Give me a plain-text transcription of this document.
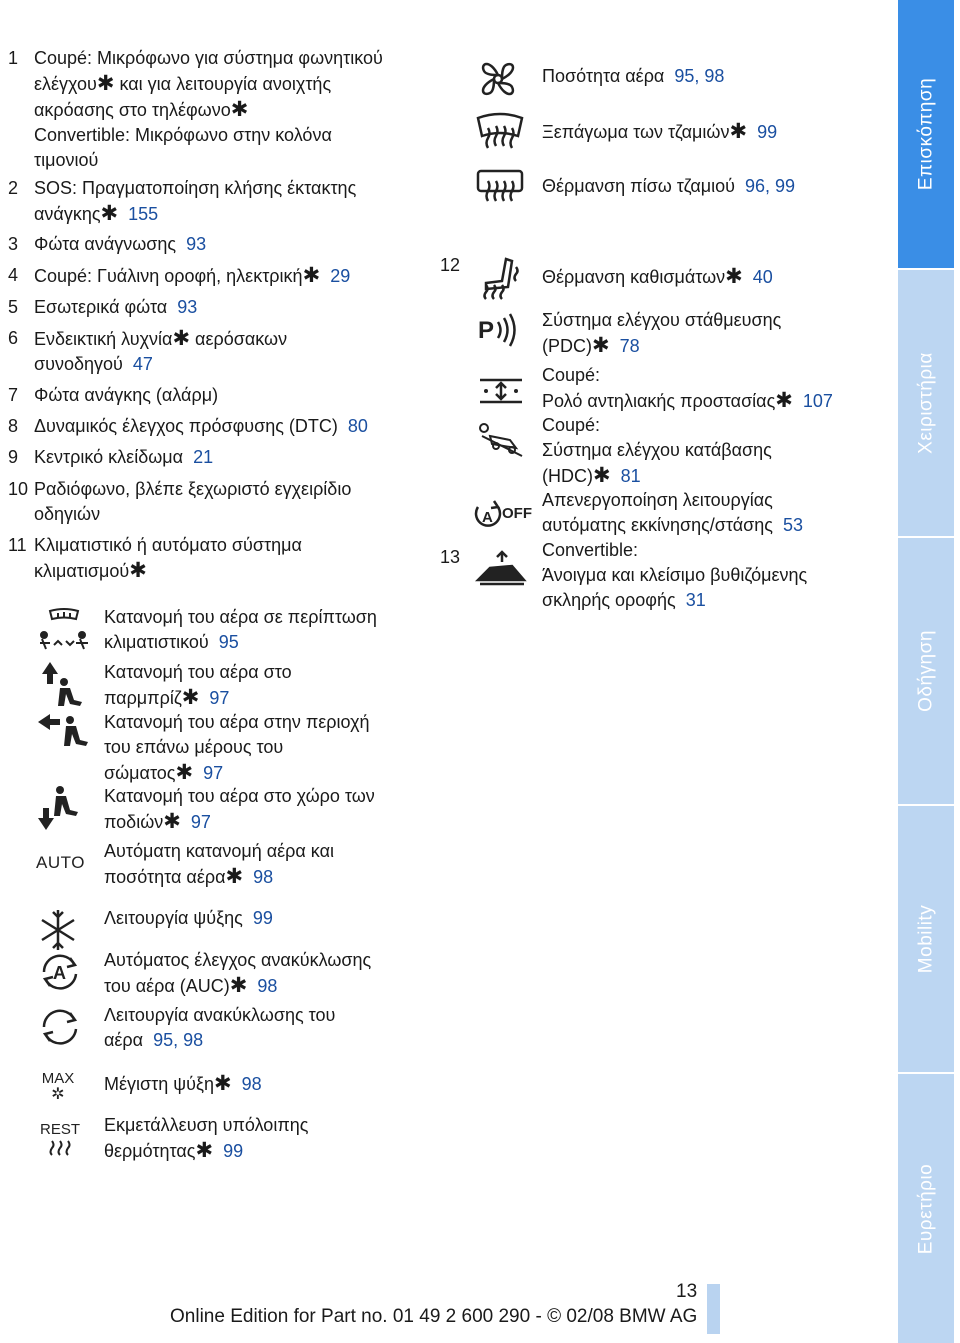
1 Coupé: Μικρόφωνο για σύστημα φωνητικού
ελέγχου✱ και για λειτουργία ανοιχτής
ακρόασης στο τηλέφωνο✱
Convertible: Μικρόφωνο στην κολόνα
τιμονιού
2 SOS: Πραγματοποίηση κλήσης έκτακτης
ανάγκης✱ 155
3 Φώτα ανάγνωσης 93
4 Coupé: Γυάλινη οροφή, ηλεκτρική✱ 29
5 Εσωτερικά φώτα 93
6 Ενδεικτική λυχνία✱ αερόσακων
συνοδηγού 47
7 Φώτα ανάγκης (αλάρμ)
8 Δυναμικός έλεγχος πρόσφυσης (DTC) 80
9 Κεντρικό κλείδωμα 21
10 Ραδιόφωνο, βλέπε ξεχωριστό εγχειρίδιο
οδηγιών
11 Κλιματιστικό ή αυτόματο σύστημα
κλιματισμού✱
Κατανομή του αέρα σε περίπτωση
κλιματιστικού 95
Κατανομή του αέρα στο
παρμπρίζ✱ 97
Κατανομή του αέρα στην περιοχή
του επάνω μέρους του
σώματος✱ 97
Κατανομή του αέρα στο χώρο των
ποδιών✱ 97
AUTO
Αυτόματη κατανομή αέρα και
ποσότητα αέρα✱ 98
Λειτουργία ψύξης 99
A
Αυτόματος έλεγχος ανακύκλωσης
του αέρα (AUC)✱ 98
Λειτουργία ανακύκλωσης του
αέρα 95, 98
MAX
✲
Μέγιστη ψύξη✱ 98
REST Εκμετάλλευση υπόλοιπης
θερμότητας✱ 99
12
13
Ποσότητα αέρα 95, 98
Ξεπάγωμα των τζαμιών✱ 99
Θέρμανση πίσω τζαμιού 96, 99
Θέρμανση καθισμάτων✱ 40
P	Σύστημα ελέγχου στάθμευσης
(PDC)✱ 78
Coupé:
Ρολό αντηλιακής προστασίας✱ 107
Coupé:
Σύστημα ελέγχου κατάβασης
(HDC)✱ 81
A OFF
Απενεργοποίηση λειτουργίας
αυτόματης εκκίνησης/στάσης 53
Convertible:
Άνοιγμα και κλείσιμο βυθιζόμενης
σκληρής οροφής 31
Επισκόπηση
Χειριστήρια
Οδήγηση
Mobility
Ευρετήριο
13
Online Edition for Part no. 01 49 2 600 290 - © 02/08 BMW AG
